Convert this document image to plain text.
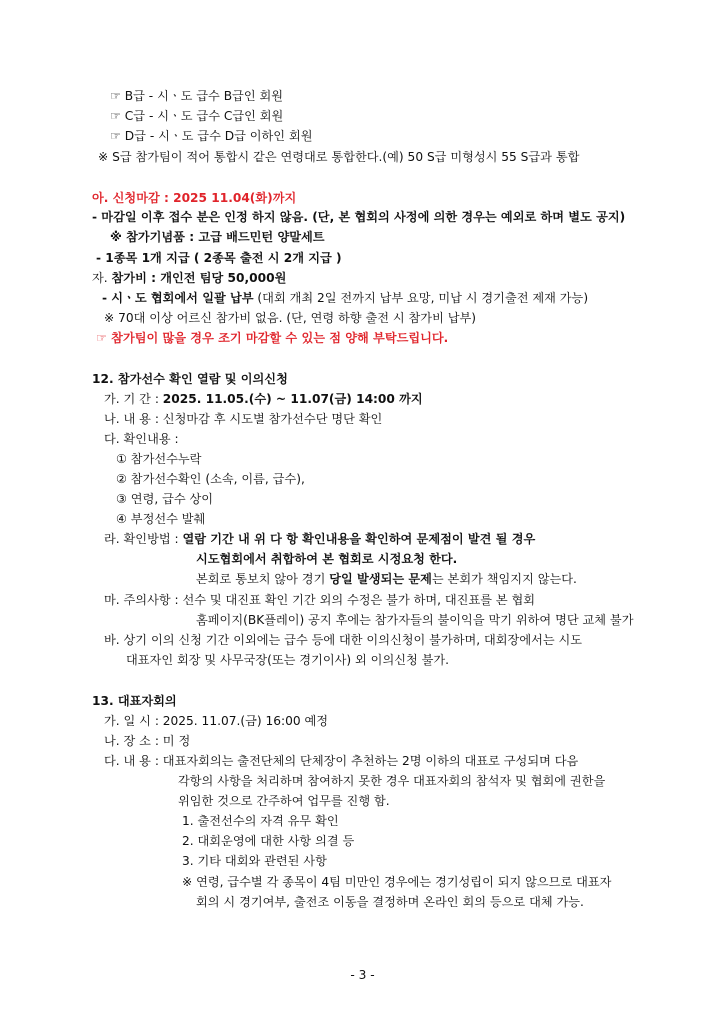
☞ B급 - 시ㆍ도 급수 B급인 회원
☞ C급 - 시ㆍ도 급수 C급인 회원
☞ D급 - 시ㆍ도 급수 D급 이하인 회원
※ S급 참가팀이 적어 통합시 같은 연령대로 통합한다.(예) 50 S급 미형성시 55 S급과 통합
아. 신청마감 : 2025 11.04(화)까지
- 마감일 이후 접수 분은 인정 하지 않음. (단, 본 협회의 사정에 의한 경우는 예외로 하며 별도 공지)
※ 참가기념품 : 고급 배드민턴 양말세트
- 1종목 1개 지급 ( 2종목 출전 시 2개 지급 )
자. 참가비 : 개인전 팀당 50,000원
- 시ㆍ도 협회에서 일괄 납부 (대회 개최 2일 전까지 납부 요망, 미납 시 경기출전 제재 가능)
※ 70대 이상 어르신 참가비 없음. (단, 연령 하향 출전 시 참가비 납부)
☞ 참가팀이 많을 경우 조기 마감할 수 있는 점 양해 부탁드립니다.
12. 참가선수 확인 열람 및 이의신청
가. 기 간 : 2025. 11.05.(수) ~ 11.07(금) 14:00 까지
나. 내 용 : 신청마감 후 시도별 참가선수단 명단 확인
다. 확인내용 :
① 참가선수누락
② 참가선수확인 (소속, 이름, 급수),
③ 연령, 급수 상이
④ 부정선수 발췌
라. 확인방법 : 열람 기간 내 위 다 항 확인내용을 확인하여 문제점이 발견 될 경우
시도협회에서 취합하여 본 협회로 시정요청 한다.
본회로 통보치 않아 경기 당일 발생되는 문제는 본회가 책임지지 않는다.
마. 주의사항 : 선수 및 대진표 확인 기간 외의 수정은 불가 하며, 대진표를 본 협회
홈페이지(BK플레이) 공지 후에는 참가자들의 불이익을 막기 위하여 명단 교체 불가
바. 상기 이의 신청 기간 이외에는 급수 등에 대한 이의신청이 불가하며, 대회장에서는 시도
대표자인 회장 및 사무국장(또는 경기이사) 외 이의신청 불가.
13. 대표자회의
가. 일 시 : 2025. 11.07.(금) 16:00 예정
나. 장 소 : 미 정
다. 내 용 : 대표자회의는 출전단체의 단체장이 추천하는 2명 이하의 대표로 구성되며 다음
각항의 사항을 처리하며 참여하지 못한 경우 대표자회의 참석자 및 협회에 권한을
위임한 것으로 간주하여 업무를 진행 함.
1. 출전선수의 자격 유무 확인
2. 대회운영에 대한 사항 의결 등
3. 기타 대회와 관련된 사항
※ 연령, 급수별 각 종목이 4팀 미만인 경우에는 경기성립이 되지 않으므로 대표자
회의 시 경기여부, 출전조 이동을 결정하며 온라인 회의 등으로 대체 가능.
- 3 -
